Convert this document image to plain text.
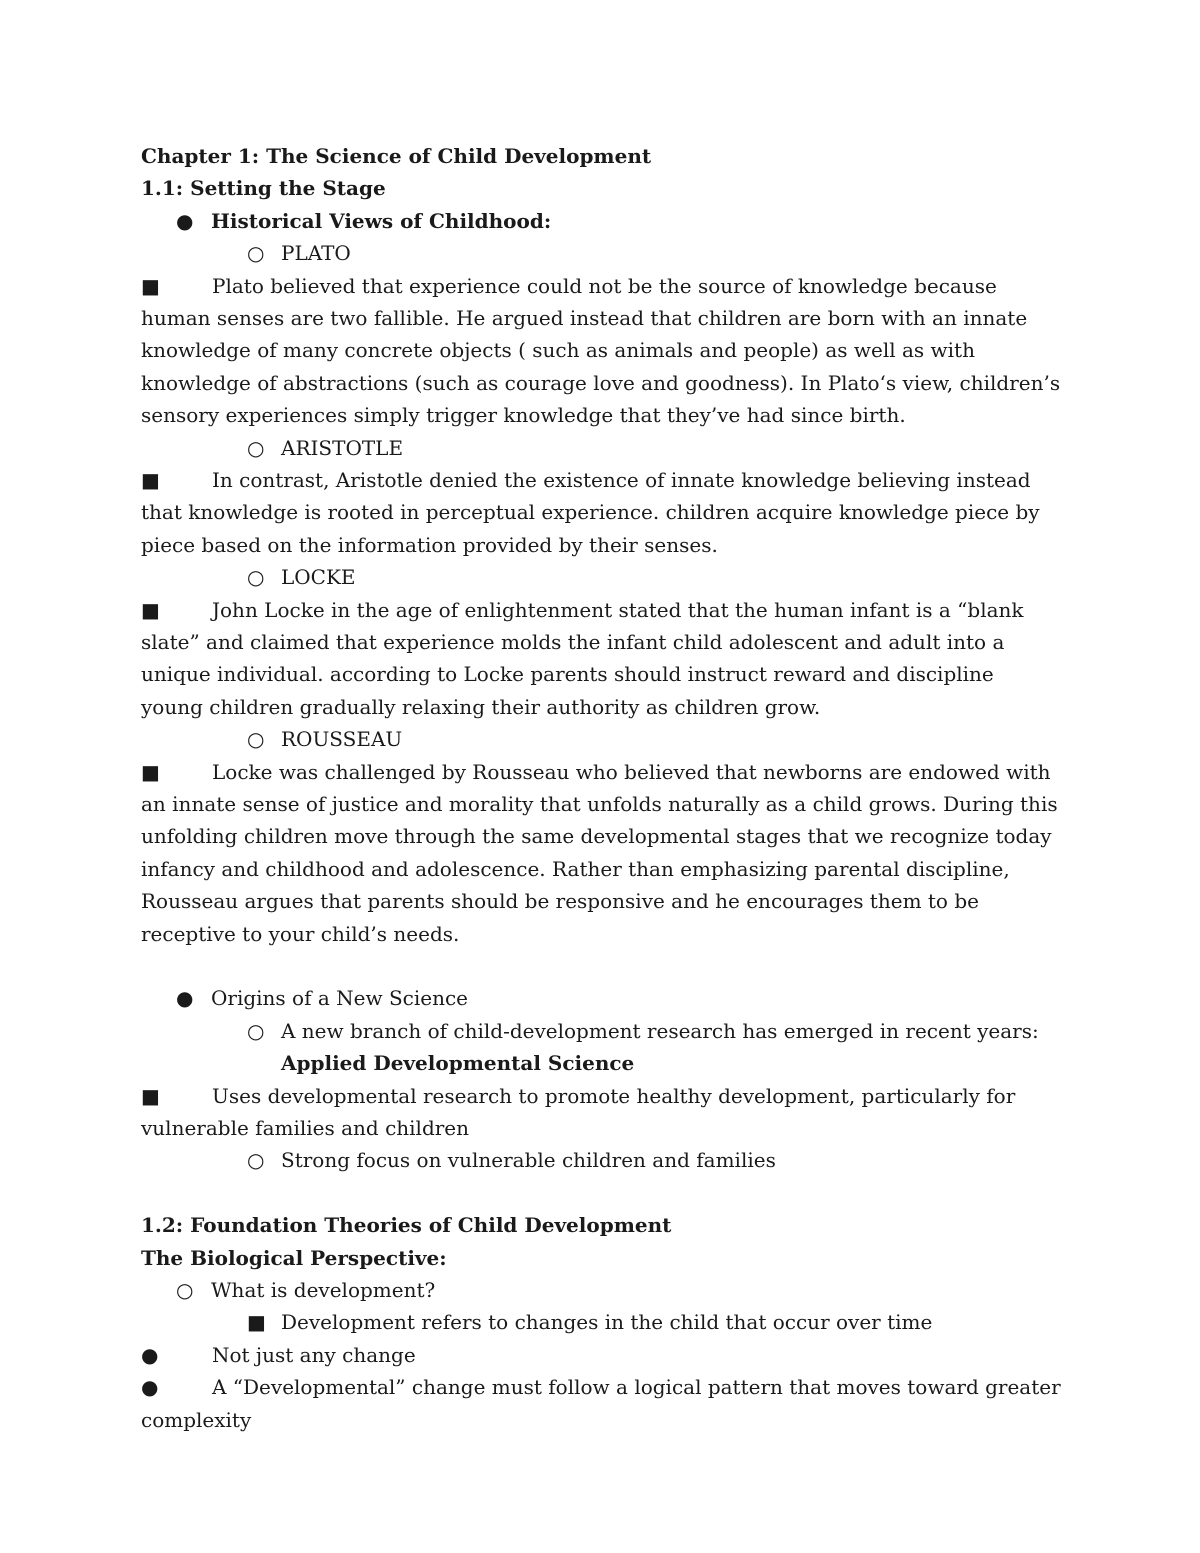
Chapter 1: The Science of Child Development
1.1: Setting the Stage
● Historical Views of Childhood:
○ PLATO
■	Plato believed that experience could not be the source of knowledge because human senses are two fallible. He argued instead that children are born with an innate knowledge of many concrete objects ( such as animals and people) as well as with knowledge of abstractions (such as courage love and goodness). In Plato‘s view, children’s sensory experiences simply trigger knowledge that they’ve had since birth.
○ ARISTOTLE
■	In contrast, Aristotle denied the existence of innate knowledge believing instead that knowledge is rooted in perceptual experience. children acquire knowledge piece by piece based on the information provided by their senses.
○ LOCKE
■	John Locke in the age of enlightenment stated that the human infant is a “blank slate” and claimed that experience molds the infant child adolescent and adult into a unique individual. according to Locke parents should instruct reward and discipline young children gradually relaxing their authority as children grow.
○ ROUSSEAU
■	Locke was challenged by Rousseau who believed that newborns are endowed with an innate sense of justice and morality that unfolds naturally as a child grows. During this unfolding children move through the same developmental stages that we recognize today infancy and childhood and adolescence. Rather than emphasizing parental discipline, Rousseau argues that parents should be responsive and he encourages them to be receptive to your child’s needs.
● Origins of a New Science
○ A new branch of child-development research has emerged in recent years:
Applied Developmental Science
■	Uses developmental research to promote healthy development, particularly for vulnerable families and children
○ Strong focus on vulnerable children and families
1.2: Foundation Theories of Child Development
The Biological Perspective:
○ What is development?
■ Development refers to changes in the child that occur over time
●	Not just any change
●	A “Developmental” change must follow a logical pattern that moves toward greater complexity
